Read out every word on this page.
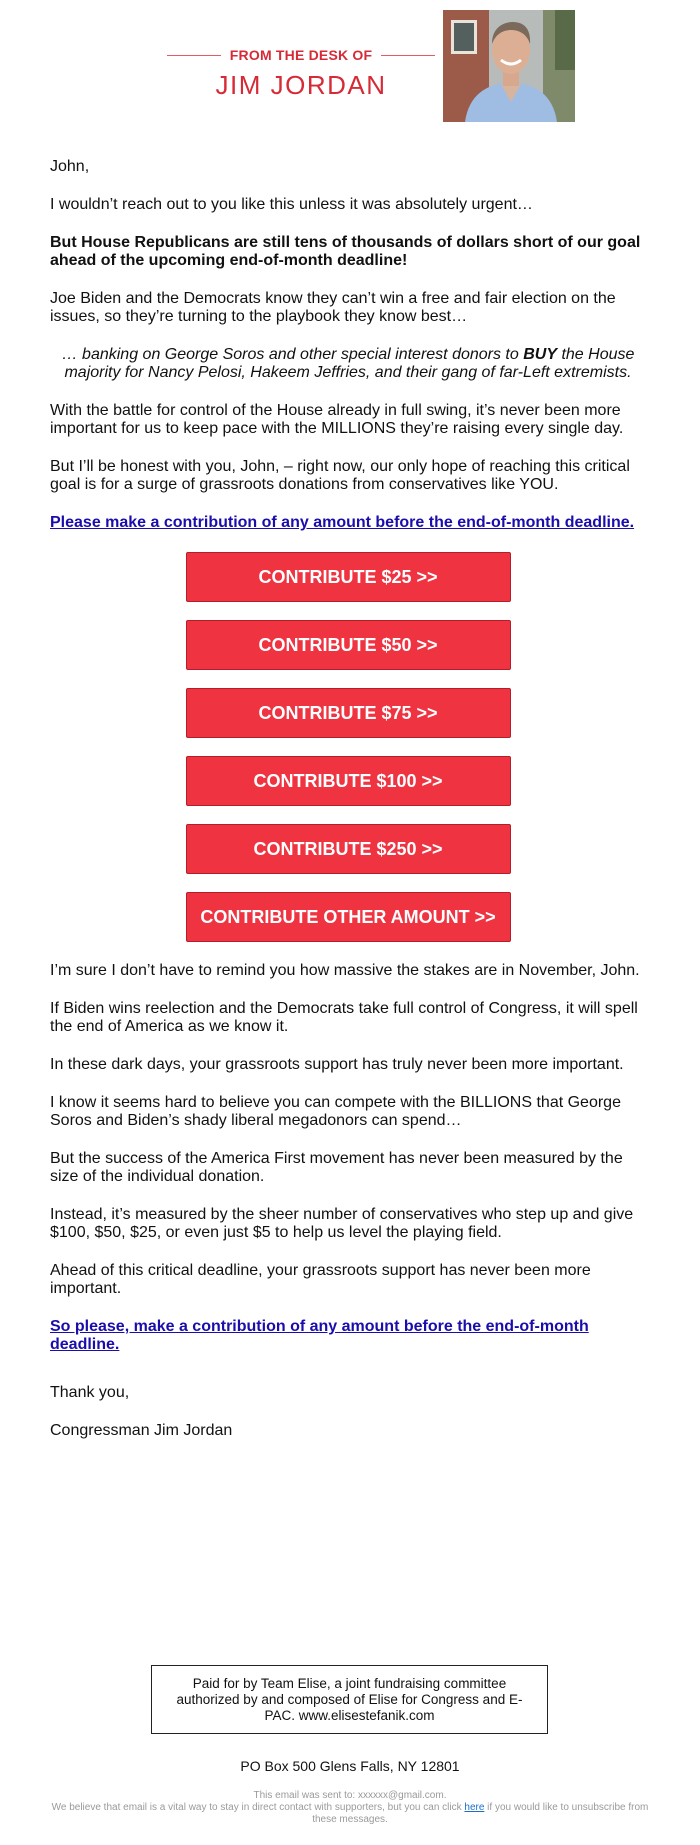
FROM THE DESK OF
JIM JORDAN

John,

I wouldn’t reach out to you like this unless it was absolutely urgent…

But House Republicans are still tens of thousands of dollars short of our goal ahead of the upcoming end-of-month deadline!

Joe Biden and the Democrats know they can’t win a free and fair election on the issues, so they’re turning to the playbook they know best…

… banking on George Soros and other special interest donors to BUY the House majority for Nancy Pelosi, Hakeem Jeffries, and their gang of far-Left extremists.

With the battle for control of the House already in full swing, it’s never been more important for us to keep pace with the MILLIONS they’re raising every single day.

But I’ll be honest with you, John, – right now, our only hope of reaching this critical goal is for a surge of grassroots donations from conservatives like YOU.

Please make a contribution of any amount before the end-of-month deadline.

CONTRIBUTE $25 >>
CONTRIBUTE $50 >>
CONTRIBUTE $75 >>
CONTRIBUTE $100 >>
CONTRIBUTE $250 >>
CONTRIBUTE OTHER AMOUNT >>

I’m sure I don’t have to remind you how massive the stakes are in November, John.

If Biden wins reelection and the Democrats take full control of Congress, it will spell the end of America as we know it.

In these dark days, your grassroots support has truly never been more important.

I know it seems hard to believe you can compete with the BILLIONS that George Soros and Biden’s shady liberal megadonors can spend…

But the success of the America First movement has never been measured by the size of the individual donation.

Instead, it’s measured by the sheer number of conservatives who step up and give $100, $50, $25, or even just $5 to help us level the playing field.

Ahead of this critical deadline, your grassroots support has never been more important.

So please, make a contribution of any amount before the end-of-month deadline.

Thank you,

Congressman Jim Jordan

Paid for by Team Elise, a joint fundraising committee authorized by and composed of Elise for Congress and E-PAC. www.elisestefanik.com
PO Box 500 Glens Falls, NY 12801
This email was sent to: xxxxxx@gmail.com.
We believe that email is a vital way to stay in direct contact with supporters, but you can click here if you would like to unsubscribe from these messages.
